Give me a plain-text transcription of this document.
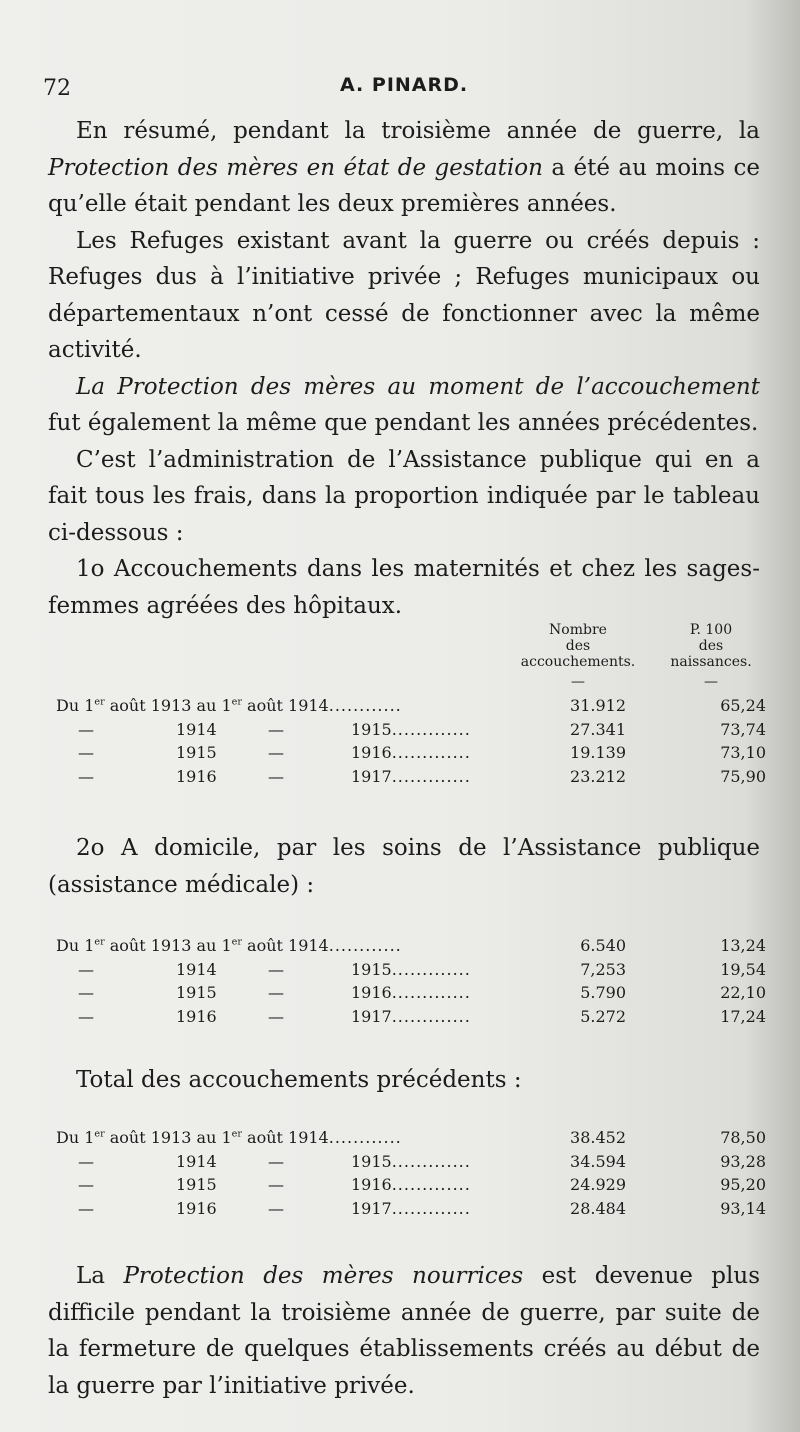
72	A. PINARD.

En résumé, pendant la troisième année de guerre, la Protection des mères en état de gestation a été au moins ce qu’elle était pendant les deux premières années.

Les Refuges existant avant la guerre ou créés depuis : Refuges dus à l’initiative privée ; Refuges municipaux ou départementaux n’ont cessé de fonctionner avec la même activité.

La Protection des mères au moment de l’accouchement fut également la même que pendant les années précédentes.

C’est l’administration de l’Assistance publique qui en a fait tous les frais, dans la proportion indiquée par le tableau ci-dessous :

1o Accouchements dans les maternités et chez les sages-femmes agréées des hôpitaux.

Nombre
des
accouchements.
P. 100
des
naissances.
—	—
Du 1er août 1913 au 1er août 1914............	31.912	65,24
—	1914	—	1915.............	27.341	73,74
—	1915	—	1916.............	19.139	73,10
—	1916	—	1917.............	23.212	75,90

2o A domicile, par les soins de l’Assistance publique (assistance médicale) :

Du 1er août 1913 au 1er août 1914............	6.540	13,24
—	1914	—	1915.............	7,253	19,54
—	1915	—	1916.............	5.790	22,10
—	1916	—	1917.............	5.272	17,24

Total des accouchements précédents :

Du 1er août 1913 au 1er août 1914............	38.452	78,50
—	1914	—	1915.............	34.594	93,28
—	1915	—	1916.............	24.929	95,20
—	1916	—	1917.............	28.484	93,14

La Protection des mères nourrices est devenue plus difficile pendant la troisième année de guerre, par suite de la fermeture de quelques établissements créés au début de la guerre par l’initiative privée.
